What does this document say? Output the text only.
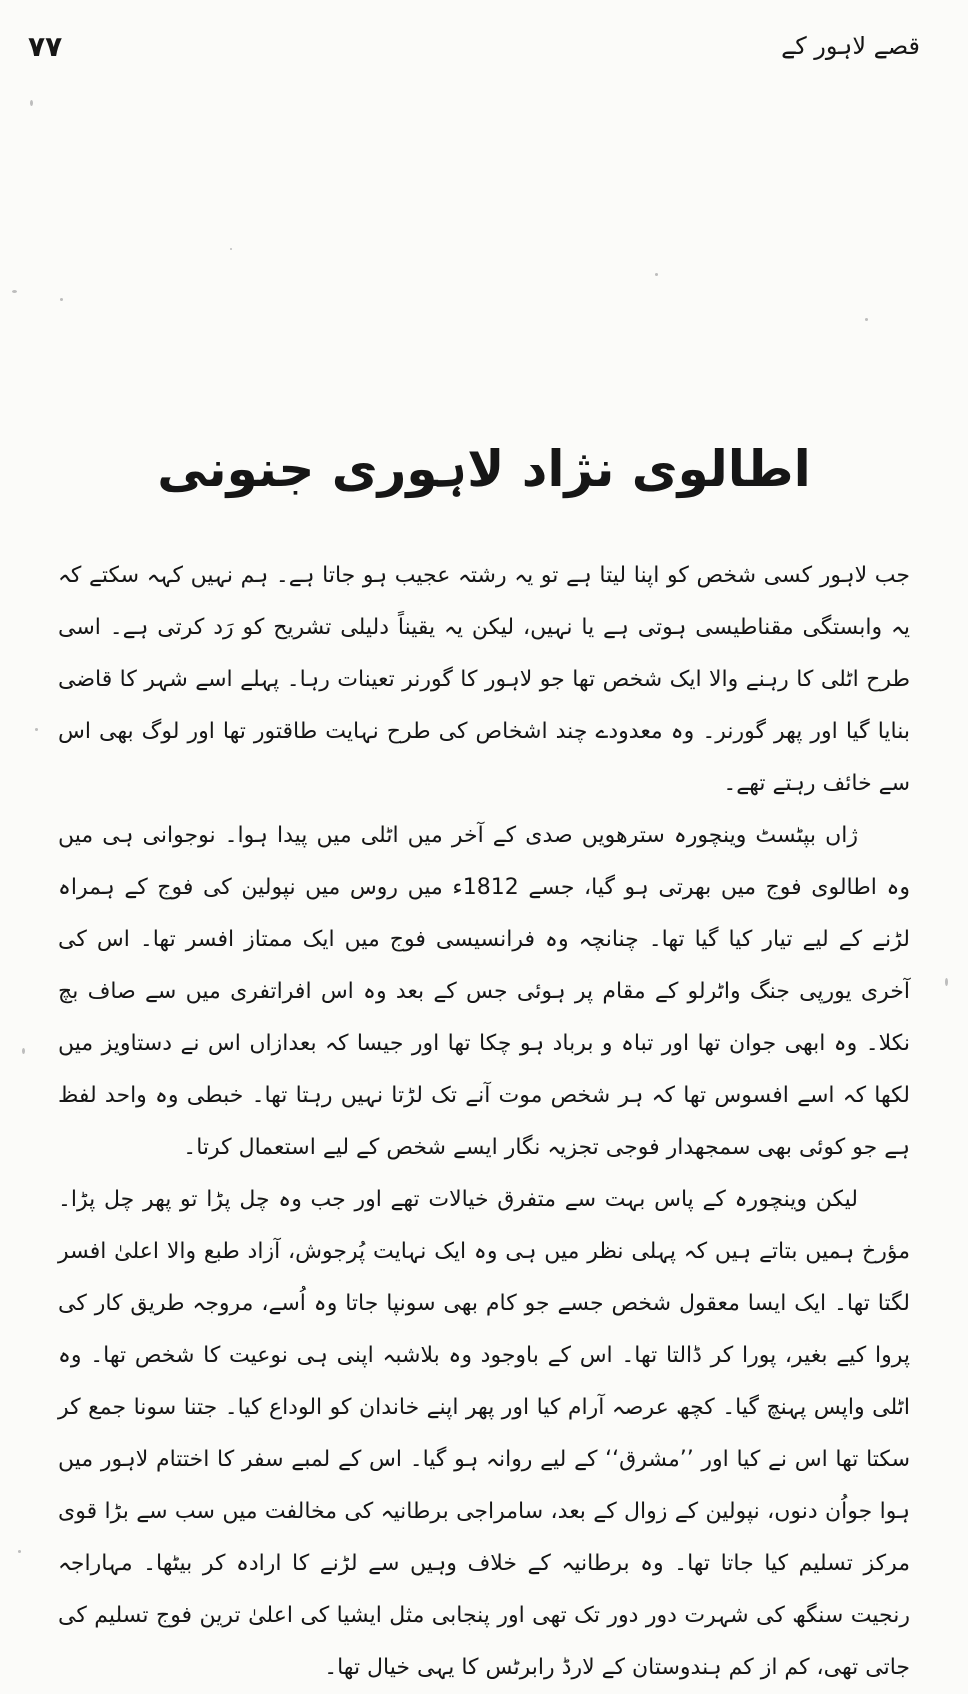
۷۷	قصے لاہور کے
اطالوی نژاد لاہوری جنونی

جب لاہور کسی شخص کو اپنا لیتا ہے تو یہ رشتہ عجیب ہو جاتا ہے۔ ہم نہیں کہہ سکتے کہ یہ وابستگی مقناطیسی ہوتی ہے یا نہیں، لیکن یہ یقیناً دلیلی تشریح کو رَد کرتی ہے۔ اسی طرح اٹلی کا رہنے والا ایک شخص تھا جو لاہور کا گورنر تعینات رہا۔ پہلے اسے شہر کا قاضی بنایا گیا اور پھر گورنر۔ وہ معدودے چند اشخاص کی طرح نہایت طاقتور تھا اور لوگ بھی اس سے خائف رہتے تھے۔

ژاں بپٹسٹ وینچورہ سترھویں صدی کے آخر میں اٹلی میں پیدا ہوا۔ نوجوانی ہی میں وہ اطالوی فوج میں بھرتی ہو گیا، جسے 1812ء میں روس میں نپولین کی فوج کے ہمراہ لڑنے کے لیے تیار کیا گیا تھا۔ چنانچہ وہ فرانسیسی فوج میں ایک ممتاز افسر تھا۔ اس کی آخری یورپی جنگ واٹرلو کے مقام پر ہوئی جس کے بعد وہ اس افراتفری میں سے صاف بچ نکلا۔ وہ ابھی جوان تھا اور تباہ و برباد ہو چکا تھا اور جیسا کہ بعدازاں اس نے دستاویز میں لکھا کہ اسے افسوس تھا کہ ہر شخص موت آنے تک لڑتا نہیں رہتا تھا۔ خبطی وہ واحد لفظ ہے جو کوئی بھی سمجھدار فوجی تجزیہ نگار ایسے شخص کے لیے استعمال کرتا۔

لیکن وینچورہ کے پاس بہت سے متفرق خیالات تھے اور جب وہ چل پڑا تو پھر چل پڑا۔ مؤرخ ہمیں بتاتے ہیں کہ پہلی نظر میں ہی وہ ایک نہایت پُرجوش، آزاد طبع والا اعلیٰ افسر لگتا تھا۔ ایک ایسا معقول شخص جسے جو کام بھی سونپا جاتا وہ اُسے، مروجہ طریق کار کی پروا کیے بغیر، پورا کر ڈالتا تھا۔ اس کے باوجود وہ بلاشبہ اپنی ہی نوعیت کا شخص تھا۔ وہ اٹلی واپس پہنچ گیا۔ کچھ عرصہ آرام کیا اور پھر اپنے خاندان کو الوداع کیا۔ جتنا سونا جمع کر سکتا تھا اس نے کیا اور ’’مشرق‘‘ کے لیے روانہ ہو گیا۔ اس کے لمبے سفر کا اختتام لاہور میں ہوا جواُن دنوں، نپولین کے زوال کے بعد، سامراجی برطانیہ کی مخالفت میں سب سے بڑا قوی مرکز تسلیم کیا جاتا تھا۔ وہ برطانیہ کے خلاف وہیں سے لڑنے کا ارادہ کر بیٹھا۔ مہاراجہ رنجیت سنگھ کی شہرت دور دور تک تھی اور پنجابی مثل ایشیا کی اعلیٰ ترین فوج تسلیم کی جاتی تھی، کم از کم ہندوستان کے لارڈ رابرٹس کا یہی خیال تھا۔
